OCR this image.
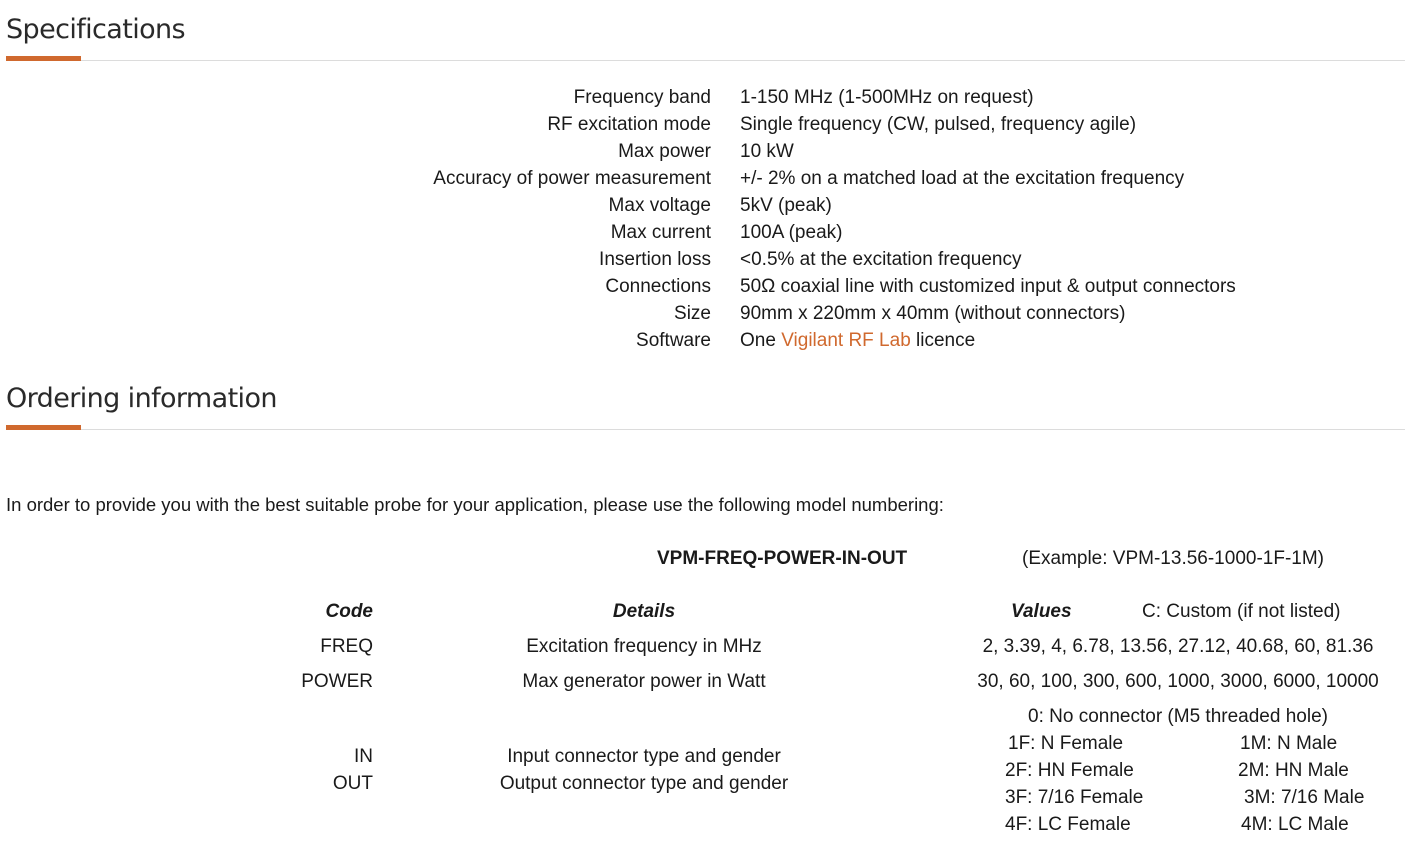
Specifications
Frequency band 1-150 MHz (1-500MHz on request)
RF excitation mode Single frequency (CW, pulsed, frequency agile)
Max power 10 kW
Accuracy of power measurement +/- 2% on a matched load at the excitation frequency
Max voltage 5kV (peak)
Max current 100A (peak)
Insertion loss <0.5% at the excitation frequency
Connections 50Ω coaxial line with customized input & output connectors
Size 90mm x 220mm x 40mm (without connectors)
Software One Vigilant RF Lab licence
Ordering information
In order to provide you with the best suitable probe for your application, please use the following model numbering:
VPM-FREQ-POWER-IN-OUT	(Example: VPM-13.56-1000-1F-1M)
Code	Details	Values	C: Custom (if not listed)
FREQ	Excitation frequency in MHz	2, 3.39, 4, 6.78, 13.56, 27.12, 40.68, 60, 81.36
POWER	Max generator power in Watt	30, 60, 100, 300, 600, 1000, 3000, 6000, 10000
IN	Input connector type and gender
OUT	Output connector type and gender
0: No connector (M5 threaded hole)
1F: N Female	1M: N Male
2F: HN Female	2M: HN Male
3F: 7/16 Female	3M: 7/16 Male
4F: LC Female	4M: LC Male
